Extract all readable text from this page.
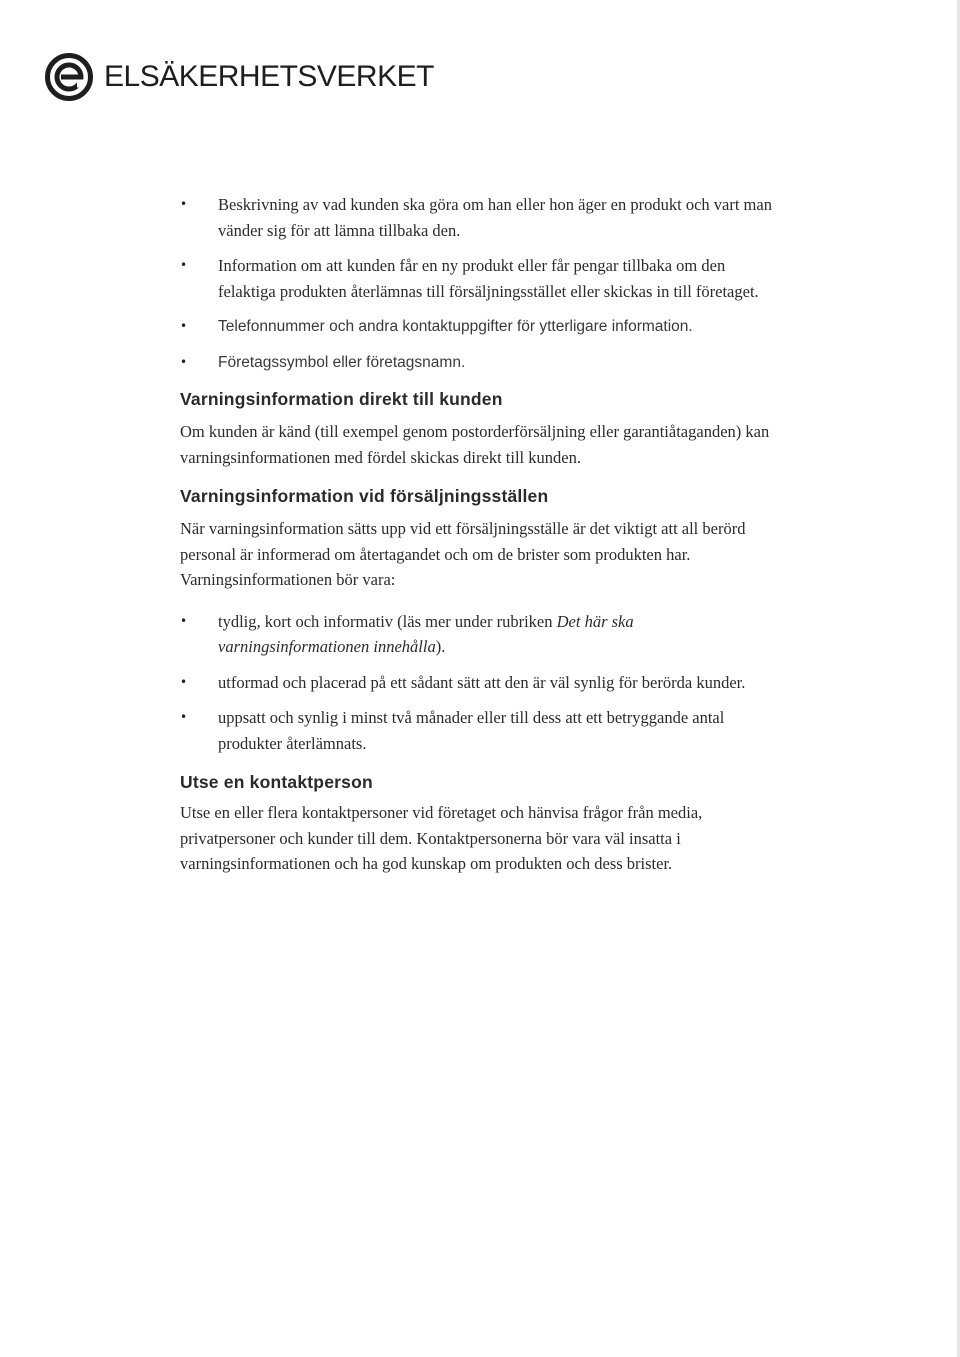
ELSÄKERHETSVERKET
• Beskrivning av vad kunden ska göra om han eller hon äger en produkt och vart man vänder sig för att lämna tillbaka den.
• Information om att kunden får en ny produkt eller får pengar tillbaka om den felaktiga produkten återlämnas till försäljningsstället eller skickas in till företaget.
• Telefonnummer och andra kontaktuppgifter för ytterligare information.
• Företagssymbol eller företagsnamn.
Varningsinformation direkt till kunden

Om kunden är känd (till exempel genom postorderförsäljning eller garantiåtaganden) kan varningsinformationen med fördel skickas direkt till kunden.

Varningsinformation vid försäljningsställen

När varningsinformation sätts upp vid ett försäljningsställe är det viktigt att all berörd personal är informerad om återtagandet och om de brister som produkten har. Varningsinformationen bör vara:

• tydlig, kort och informativ (läs mer under rubriken Det här ska varningsinformationen innehålla).
• utformad och placerad på ett sådant sätt att den är väl synlig för berörda kunder.
• uppsatt och synlig i minst två månader eller till dess att ett betryggande antal produkter återlämnats.
Utse en kontaktperson

Utse en eller flera kontaktpersoner vid företaget och hänvisa frågor från media, privatpersoner och kunder till dem. Kontaktpersonerna bör vara väl insatta i varningsinformationen och ha god kunskap om produkten och dess brister.
